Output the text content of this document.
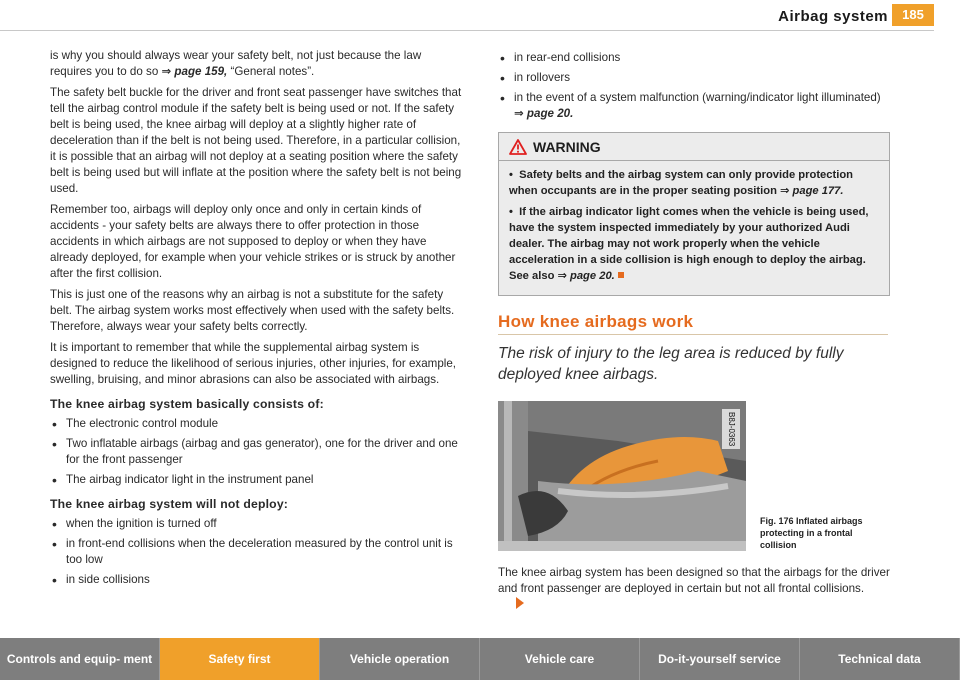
Airbag system	185

is why you should always wear your safety belt, not just because the law requires you to do so ⇒ page 159, “General notes”.

The safety belt buckle for the driver and front seat passenger have switches that tell the airbag control module if the safety belt is being used or not. If the safety belt is being used, the knee airbag will deploy at a slightly higher rate of deceleration than if the belt is not being used. Therefore, in a particular collision, it is possible that an airbag will not deploy at a seating position where the safety belt is being used but will inflate at the position where the safety belt is not being used.

Remember too, airbags will deploy only once and only in certain kinds of accidents - your safety belts are always there to offer protection in those accidents in which airbags are not supposed to deploy or when they have already deployed, for example when your vehicle strikes or is struck by another after the first collision.

This is just one of the reasons why an airbag is not a substitute for the safety belt. The airbag system works most effectively when used with the safety belts. Therefore, always wear your safety belts correctly.

It is important to remember that while the supplemental airbag system is designed to reduce the likelihood of serious injuries, other injuries, for example, swelling, bruising, and minor abrasions can also be associated with airbags.

The knee airbag system basically consists of:
• The electronic control module
• Two inflatable airbags (airbag and gas generator), one for the driver and one for the front passenger
• The airbag indicator light in the instrument panel
The knee airbag system will not deploy:
• when the ignition is turned off
• in front-end collisions when the deceleration measured by the control unit is too low
• in side collisions
• in rear-end collisions
• in rollovers
• in the event of a system malfunction (warning/indicator light illuminated) ⇒ page 20.
WARNING

•  Safety belts and the airbag system can only provide protection when occupants are in the proper seating position ⇒ page 177.

•  If the airbag indicator light comes when the vehicle is being used, have the system inspected immediately by your authorized Audi dealer. The airbag may not work properly when the vehicle acceleration in a side collision is high enough to deploy the airbag. See also ⇒ page 20.

How knee airbags work
The risk of injury to the leg area is reduced by fully deployed knee airbags.
B8J-0363
Fig. 176 Inflated airbags protecting in a frontal collision

The knee airbag system has been designed so that the airbags for the driver and front passenger are deployed in certain but not all frontal collisions.

Controls and equip- ment	Safety first	Vehicle operation	Vehicle care	Do-it-yourself service	Technical data
